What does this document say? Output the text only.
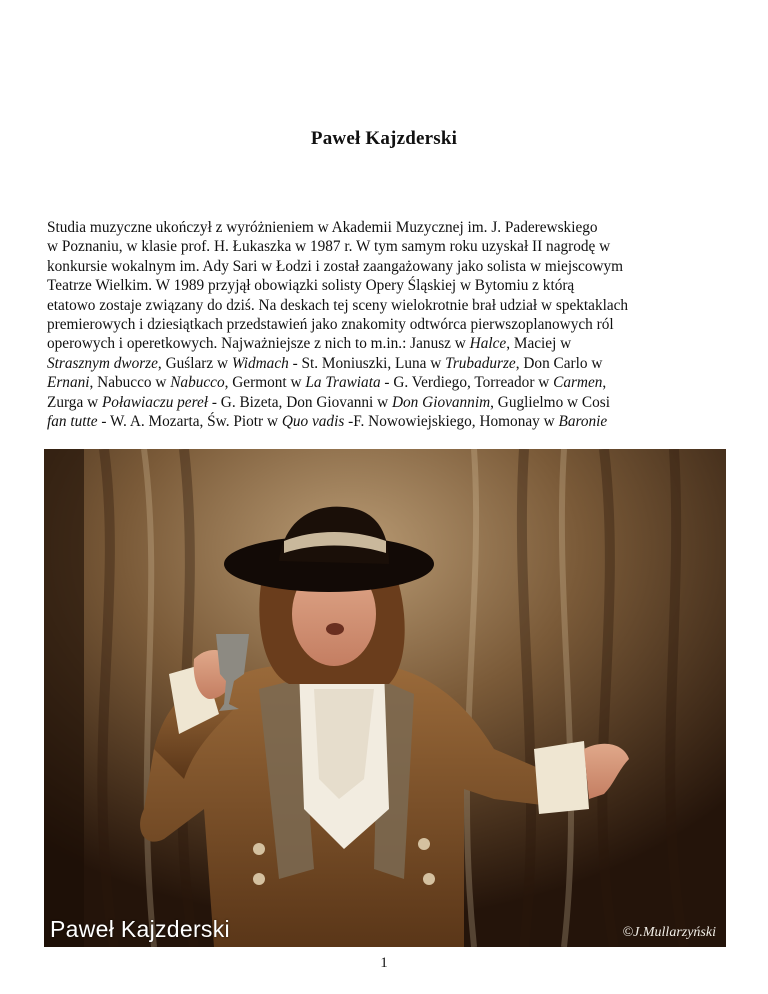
Paweł Kajzderski
Studia muzyczne ukończył z wyróżnieniem w Akademii Muzycznej im. J. Paderewskiego
w Poznaniu, w klasie prof. H. Łukaszka w 1987 r. W tym samym roku uzyskał II nagrodę w
konkursie wokalnym im. Ady Sari w Łodzi i został zaangażowany jako solista w miejscowym
Teatrze Wielkim. W 1989 przyjął obowiązki solisty Opery Śląskiej w Bytomiu z którą
etatowo zostaje związany do dziś. Na deskach tej sceny wielokrotnie brał udział w spektaklach
premierowych i dziesiątkach przedstawień jako znakomity odtwórca pierwszoplanowych ról
operowych i operetkowych. Najważniejsze z nich to m.in.: Janusz w Halce, Maciej w
Strasznym dworze, Guślarz w Widmach - St. Moniuszki, Luna w Trubadurze, Don Carlo w
Ernani, Nabucco w Nabucco, Germont w La Trawiata - G. Verdiego, Torreador w Carmen,
Zurga w Poławiaczu pereł - G. Bizeta, Don Giovanni w Don Giovannim, Guglielmo w Cosi
fan tutte - W. A. Mozarta, Św. Piotr w Quo vadis -F. Nowowiejskiego, Homonay w Baronie
Paweł Kajzderski	©J.Mullarzyński
1
